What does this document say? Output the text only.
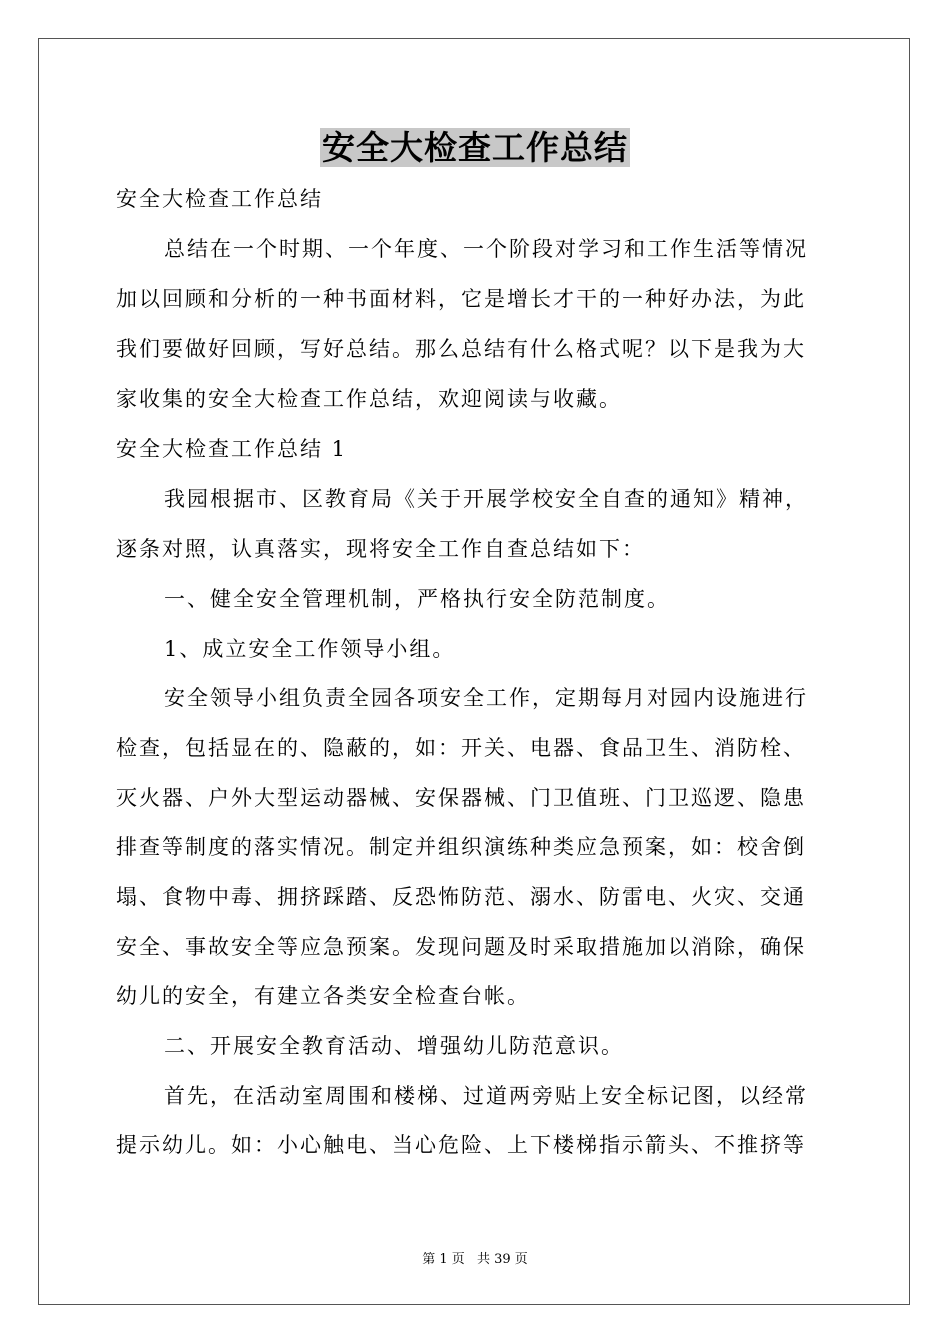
安全大检查工作总结
安全大检查工作总结
总结在一个时期、一个年度、一个阶段对学习和工作生活等情况
加以回顾和分析的一种书面材料，它是增长才干的一种好办法，为此
我们要做好回顾，写好总结。那么总结有什么格式呢？以下是我为大
家收集的安全大检查工作总结，欢迎阅读与收藏。
安全大检查工作总结 1
我园根据市、区教育局《关于开展学校安全自查的通知》精神，
逐条对照，认真落实，现将安全工作自查总结如下：
一、健全安全管理机制，严格执行安全防范制度。
1、成立安全工作领导小组。
安全领导小组负责全园各项安全工作，定期每月对园内设施进行
检查，包括显在的、隐蔽的，如：开关、电器、食品卫生、消防栓、
灭火器、户外大型运动器械、安保器械、门卫值班、门卫巡逻、隐患
排查等制度的落实情况。制定并组织演练种类应急预案，如：校舍倒
塌、食物中毒、拥挤踩踏、反恐怖防范、溺水、防雷电、火灾、交通
安全、事故安全等应急预案。发现问题及时采取措施加以消除，确保
幼儿的安全，有建立各类安全检查台帐。
二、开展安全教育活动、增强幼儿防范意识。
首先，在活动室周围和楼梯、过道两旁贴上安全标记图，以经常
提示幼儿。如：小心触电、当心危险、上下楼梯指示箭头、不推挤等
第 1 页 共 39 页
